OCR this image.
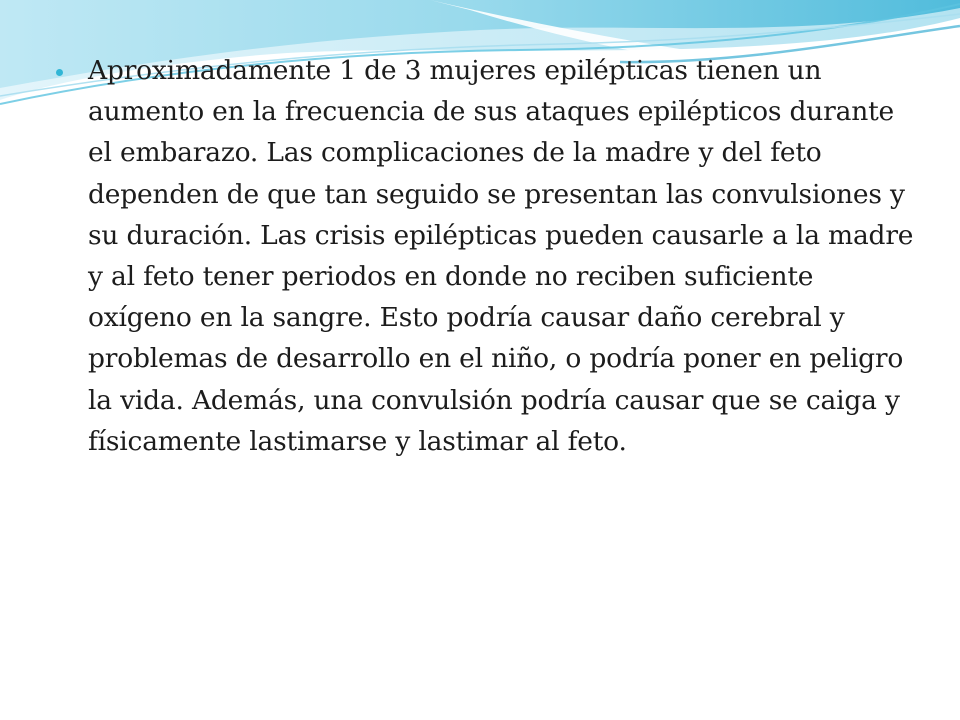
Aproximadamente 1 de 3 mujeres epilépticas tienen un aumento en la frecuencia de sus ataques epilépticos durante el embarazo. Las complicaciones de la madre y del feto dependen de que tan seguido se presentan las convulsiones y su duración. Las crisis epilépticas pueden causarle a la madre y al feto tener periodos en donde no reciben suficiente oxígeno en la sangre. Esto podría causar daño cerebral y problemas de desarrollo en el niño, o podría poner en peligro la vida. Además, una convulsión podría causar que se caiga y físicamente lastimarse y lastimar al feto.
